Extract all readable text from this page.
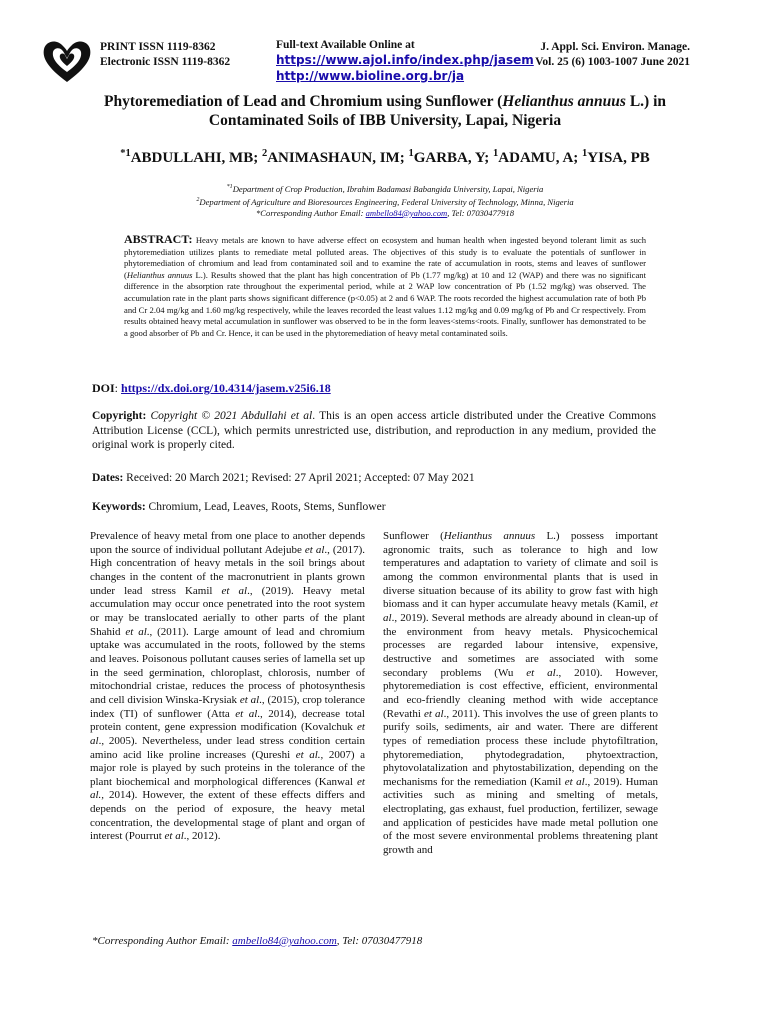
PRINT ISSN 1119-8362
Electronic ISSN 1119-8362
Full-text Available Online at
https://www.ajol.info/index.php/jasem
http://www.bioline.org.br/ja
J. Appl. Sci. Environ. Manage.
Vol. 25 (6) 1003-1007 June 2021
Phytoremediation of Lead and Chromium using Sunflower (Helianthus annuus L.) in
Contaminated Soils of IBB University, Lapai, Nigeria
$^{*1}$ABDULLAHI, MB; $^2$ANIMASHAUN, IM; $^1$GARBA, Y; $^1$ADAMU, A; $^1$YISA, PB
$^{*1}$Department of Crop Production, Ibrahim Badamasi Babangida University, Lapai, Nigeria
$^2$Department of Agriculture and Bioresources Engineering, Federal University of Technology, Minna, Nigeria
*Corresponding Author Email: ambello84@yahoo.com, Tel: 07030477918
ABSTRACT: Heavy metals are known to have adverse effect on ecosystem and human health when ingested beyond tolerant limit as such phytoremediation utilizes plants to remediate metal polluted areas. The objectives of this study is to evaluate the potentials of sunflower in phytoremediation of chromium and lead from contaminated soil and to examine the rate of accumulation in roots, stems and leaves of sunflower (Helianthus annuus L.). Results showed that the plant has high concentration of Pb (1.77 mg/kg) at 10 and 12 (WAP) and there was no significant difference in the absorption rate throughout the experimental period, while at 2 WAP low concentration of Pb (1.52 mg/kg) was observed. The accumulation rate in the plant parts shows significant difference (p<0.05) at 2 and 6 WAP. The roots recorded the highest accumulation rate of both Pb and Cr 2.04 mg/kg and 1.60 mg/kg respectively, while the leaves recorded the least values 1.12 mg/kg and 0.09 mg/kg of Pb and Cr respectively. From results obtained heavy metal accumulation in sunflower was observed to be in the form leaves<stems<roots. Finally, sunflower has demonstrated to be a good absorber of Pb and Cr. Hence, it can be used in the phytoremediation of heavy metal contaminated soils.
DOI: https://dx.doi.org/10.4314/jasem.v25i6.18
Copyright: Copyright © 2021 Abdullahi et al. This is an open access article distributed under the Creative Commons Attribution License (CCL), which permits unrestricted use, distribution, and reproduction in any medium, provided the original work is properly cited.
Dates: Received: 20 March 2021; Revised: 27 April 2021; Accepted: 07 May 2021
Keywords: Chromium, Lead, Leaves, Roots, Stems, Sunflower
Prevalence of heavy metal from one place to another depends upon the source of individual pollutant Adejube et al., (2017). High concentration of heavy metals in the soil brings about changes in the content of the macronutrient in plants grown under lead stress Kamil et al., (2019). Heavy metal accumulation may occur once penetrated into the root system or may be translocated aerially to other parts of the plant Shahid et al., (2011). Large amount of lead and chromium uptake was accumulated in the roots, followed by the stems and leaves. Poisonous pollutant causes series of lamella set up in the seed germination, chloroplast, chlorosis, number of mitochondrial cristae, reduces the process of photosynthesis and cell division Winska-Krysiak et al., (2015), crop tolerance index (TI) of sunflower (Atta et al., 2014), decrease total protein content, gene expression modification (Kovalchuk et al., 2005). Nevertheless, under lead stress condition certain amino acid like proline increases (Qureshi et al., 2007) a major role is played by such proteins in the tolerance of the plant biochemical and morphological differences (Kanwal et al., 2014). However, the extent of these effects differs and depends on the period of exposure, the heavy metal concentration, the developmental stage of plant and organ of interest (Pourrut et al., 2012).
Sunflower (Helianthus annuus L.) possess important agronomic traits, such as tolerance to high and low temperatures and adaptation to variety of climate and soil is among the common environmental plants that is used in diverse situation because of its ability to grow fast with high biomass and it can hyper accumulate heavy metals (Kamil, et al., 2019). Several methods are already abound in clean-up of the environment from heavy metals. Physicochemical processes are regarded labour intensive, expensive, destructive and sometimes are associated with some secondary problems (Wu et al., 2010). However, phytoremediation is cost effective, efficient, environmental and eco-friendly cleaning method with wide acceptance (Revathi et al., 2011). This involves the use of green plants to purify soils, sediments, air and water. There are different types of remediation process these include phytofiltration, phytoremediation, phytodegradation, phytoextraction, phytovolatalization and phytostabilization, depending on the mechanisms for the remediation (Kamil et al., 2019). Human activities such as mining and smelting of metals, electroplating, gas exhaust, fuel production, fertilizer, sewage and application of pesticides have made metal pollution one of the most severe environmental problems threatening plant growth and
*Corresponding Author Email: ambello84@yahoo.com, Tel: 07030477918
